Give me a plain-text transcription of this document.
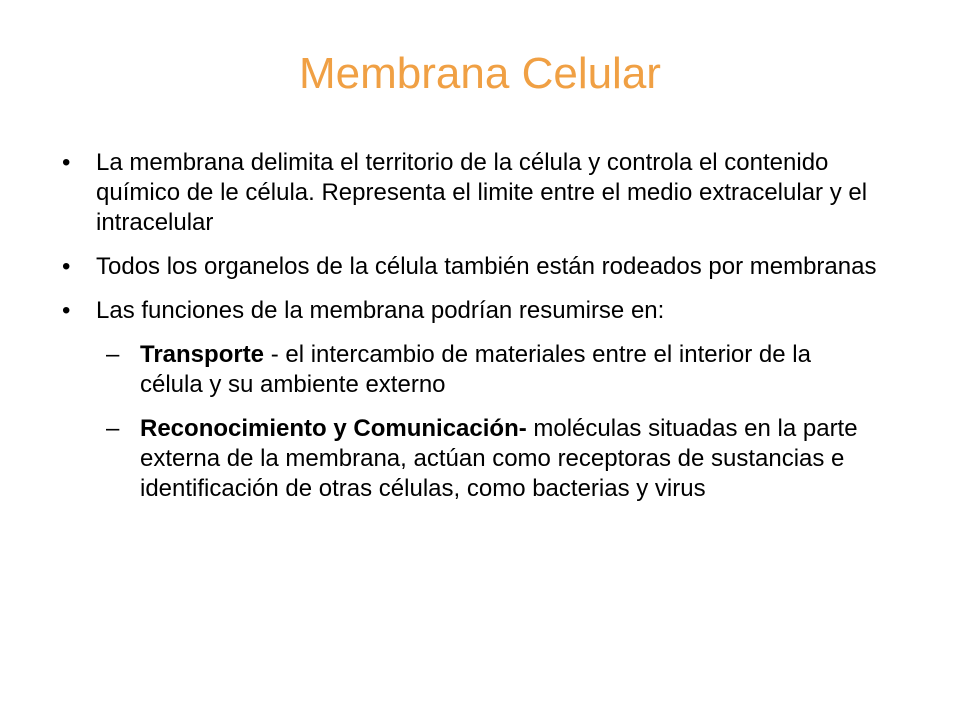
Membrana Celular
•	La membrana delimita el territorio de la célula y controla el contenido químico de le célula. Representa el limite entre el medio extracelular y el intracelular
•	Todos los organelos de la célula también están rodeados por membranas
•	Las funciones de la membrana podrían resumirse en:
– Transporte - el intercambio de materiales entre el interior de la célula y su ambiente externo
– Reconocimiento y Comunicación- moléculas situadas en la parte externa de la membrana, actúan como receptoras de sustancias e identificación de otras células, como bacterias y virus
